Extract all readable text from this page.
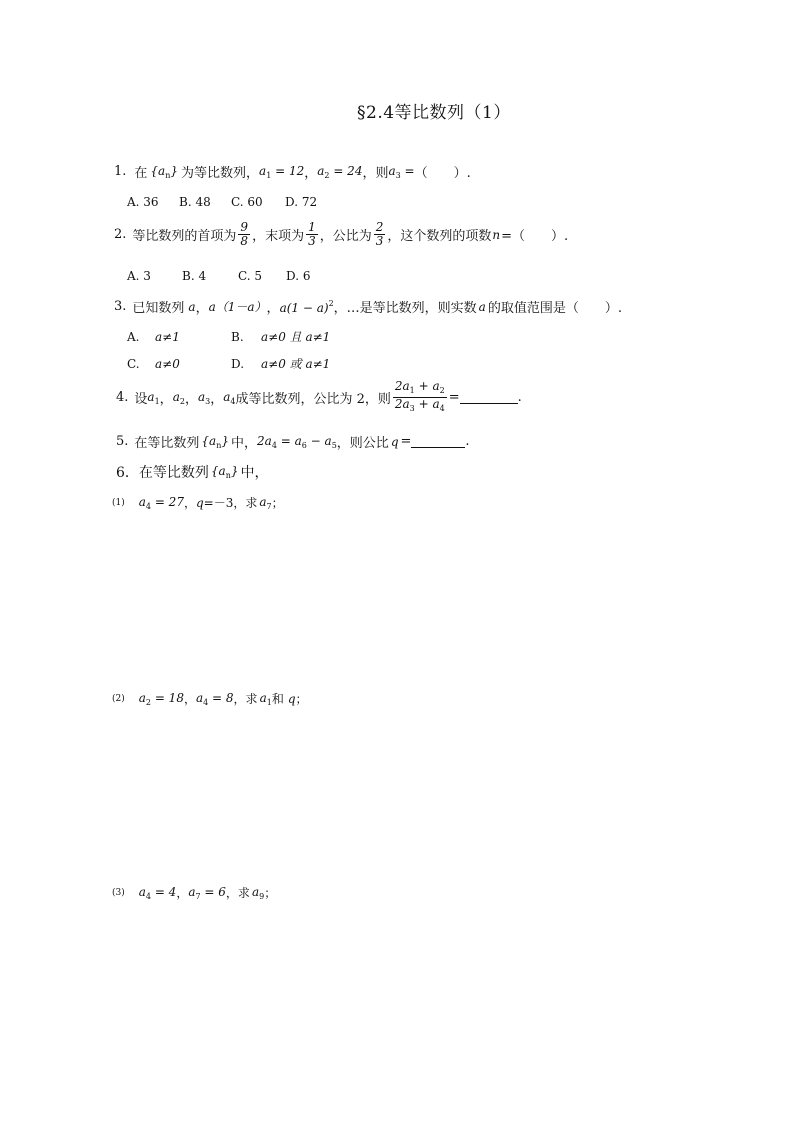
§2.4等比数列（1）
1. 在 $\{a_n\}$ 为等比数列， $a_1 = 12$ ， $a_2 = 24$ ，则 $a_3$ = （　　）.
A. 36 B. 48 C. 60 D. 72
2. 等比数列的首项为 $\frac{9}{8}$ ，末项为 $\frac{1}{3}$ ，公比为 $\frac{2}{3}$ ，这个数列的项数 n =（　　）.
A. 3	B. 4	C. 5 D. 6
3. 已知数列 a ， a（1－a） ， $a(1 - a)^2$ ，…是等比数列，则实数 a 的取值范围是（　　）.
A. a≠1	B. a≠0 且 a≠1
C. a≠0	D. a≠0 或 a≠1
4. 设 $a_1$ ， $a_2$ ， $a_3$ ， $a_4$ 成等比数列，公比为 2，则 $\frac{2a_1 + a_2}{2a_3 + a_4}$ =	.
5. 在等比数列 $\{a_n\}$ 中， $2a_4 = a_6 - a_5$ ，则公比 q =	.
6． 在等比数列 $\{a_n\}$ 中，
(1) $a_4 = 27$ ， q =－3 ，求 $a_7$ ；
(2) $a_2 = 18$ ， $a_4 = 8$ ，求 $a_1$ 和 q ；
(3) $a_4 = 4$ ， $a_7 = 6$ ，求 $a_9$ ；
